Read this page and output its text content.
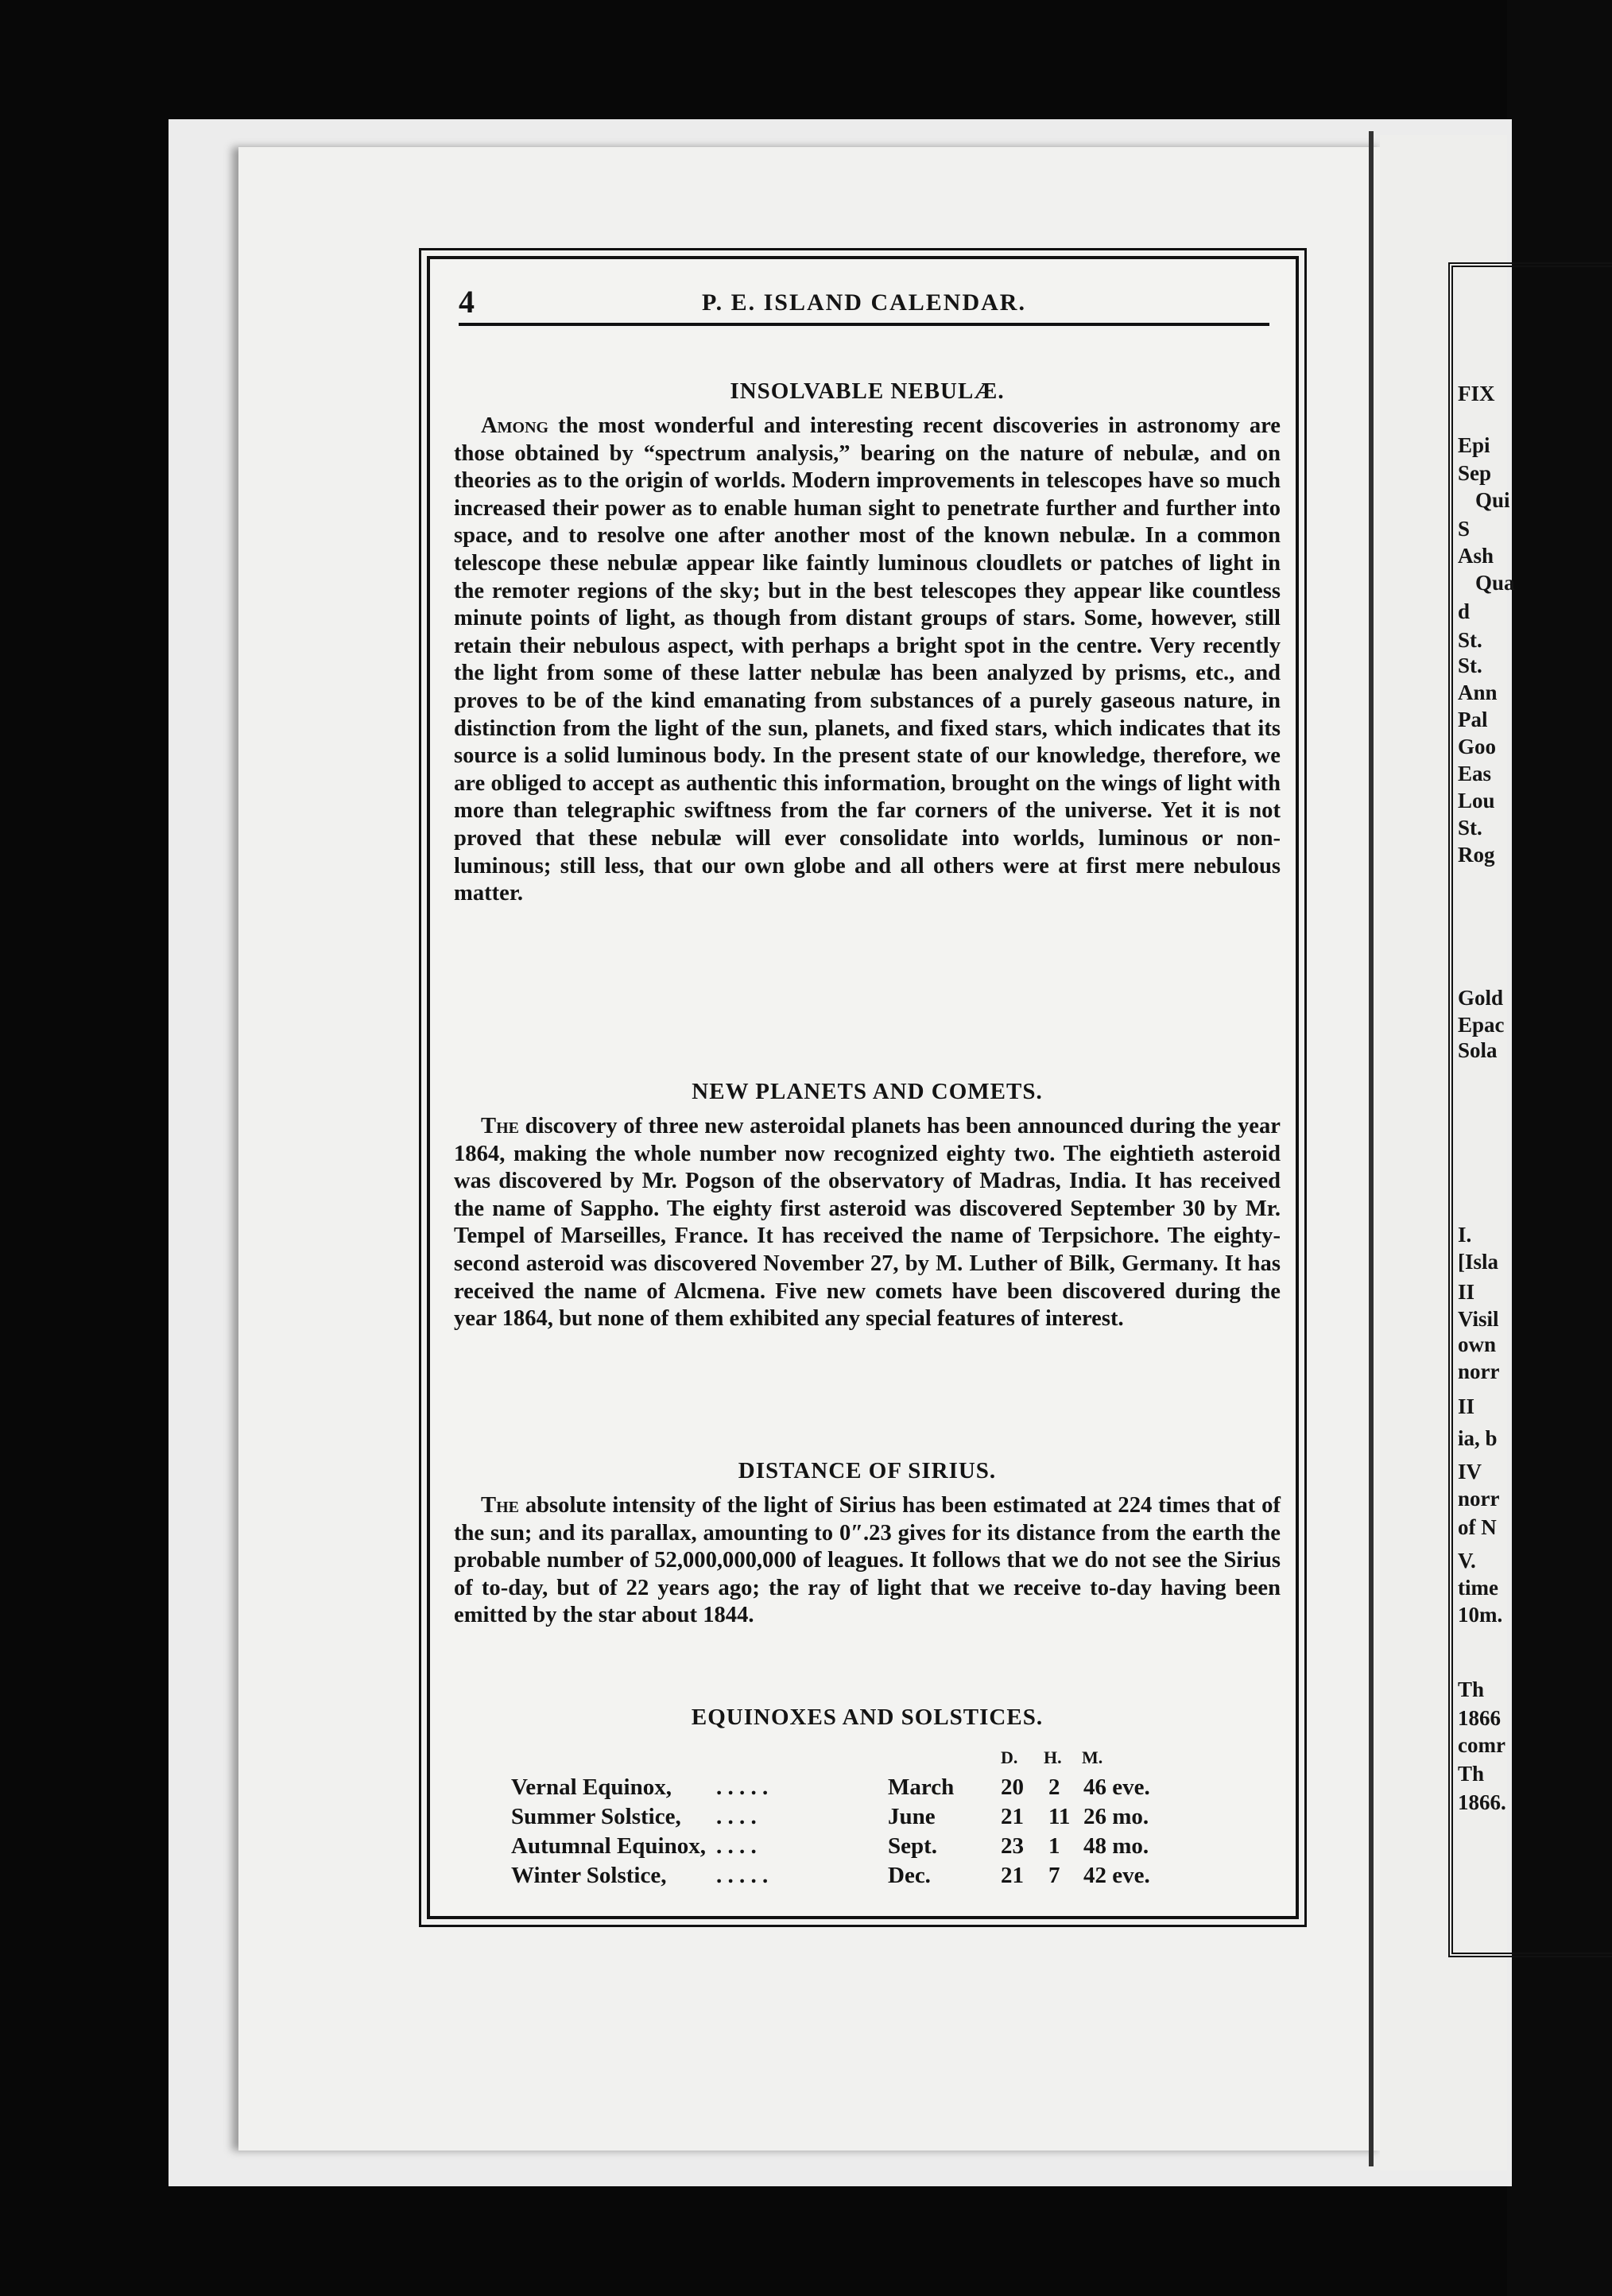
FIX
Epi
Sep
Qui
S
Ash
Qua
d
St.
St.
Ann
Pal
Goo
Eas
Lou
St.
Rog
Gold
Epac
Sola
I.
[Isla
II
Visil
own
norr
II
ia, b
IV
norr
of N
V.
time
10m.
Th
1866
comr
Th
1866.
4	P. E. ISLAND CALENDAR.
INSOLVABLE NEBULÆ.

Among the most wonderful and interesting recent discoveries in astronomy are those obtained by “spectrum analysis,” bearing on the nature of nebulæ, and on theories as to the origin of worlds. Modern improvements in telescopes have so much increased their power as to enable human sight to penetrate further and further into space, and to resolve one after another most of the known nebulæ. In a common telescope these nebulæ appear like faintly luminous cloudlets or patches of light in the remoter regions of the sky; but in the best telescopes they appear like countless minute points of light, as though from distant groups of stars. Some, however, still retain their nebulous aspect, with perhaps a bright spot in the centre. Very recently the light from some of these latter nebulæ has been analyzed by prisms, etc., and proves to be of the kind emanating from substances of a purely gaseous nature, in distinction from the light of the sun, planets, and fixed stars, which indicates that its source is a solid luminous body. In the present state of our knowledge, therefore, we are obliged to accept as authentic this information, brought on the wings of light with more than telegraphic swiftness from the far corners of the universe. Yet it is not proved that these nebulæ will ever consolidate into worlds, luminous or non-luminous; still less, that our own globe and all others were at first mere nebulous matter.

NEW PLANETS AND COMETS.

The discovery of three new asteroidal planets has been announced during the year 1864, making the whole number now recognized eighty two. The eightieth asteroid was discovered by Mr. Pogson of the observatory of Madras, India. It has received the name of Sappho. The eighty first asteroid was discovered September 30 by Mr. Tempel of Marseilles, France. It has received the name of Terpsichore. The eighty-second asteroid was discovered November 27, by M. Luther of Bilk, Germany. It has received the name of Alcmena. Five new comets have been discovered during the year 1864, but none of them exhibited any special features of interest.

DISTANCE OF SIRIUS.

The absolute intensity of the light of Sirius has been estimated at 224 times that of the sun; and its parallax, amounting to 0″.23 gives for its distance from the earth the probable number of 52,000,000,000 of leagues. It follows that we do not see the Sirius of to-day, but of 22 years ago; the ray of light that we receive to-day having been emitted by the star about 1844.

EQUINOXES AND SOLSTICES.
D. H. M.
Vernal Equinox, . . . . .	March 20 2 46 eve.
Summer Solstice, . . . .	June	21 11 26 mo.
Autumnal Equinox, . . . .	Sept.	23 1 48 mo.
Winter Solstice, . . . . .	Dec.	21 7 42 eve.
